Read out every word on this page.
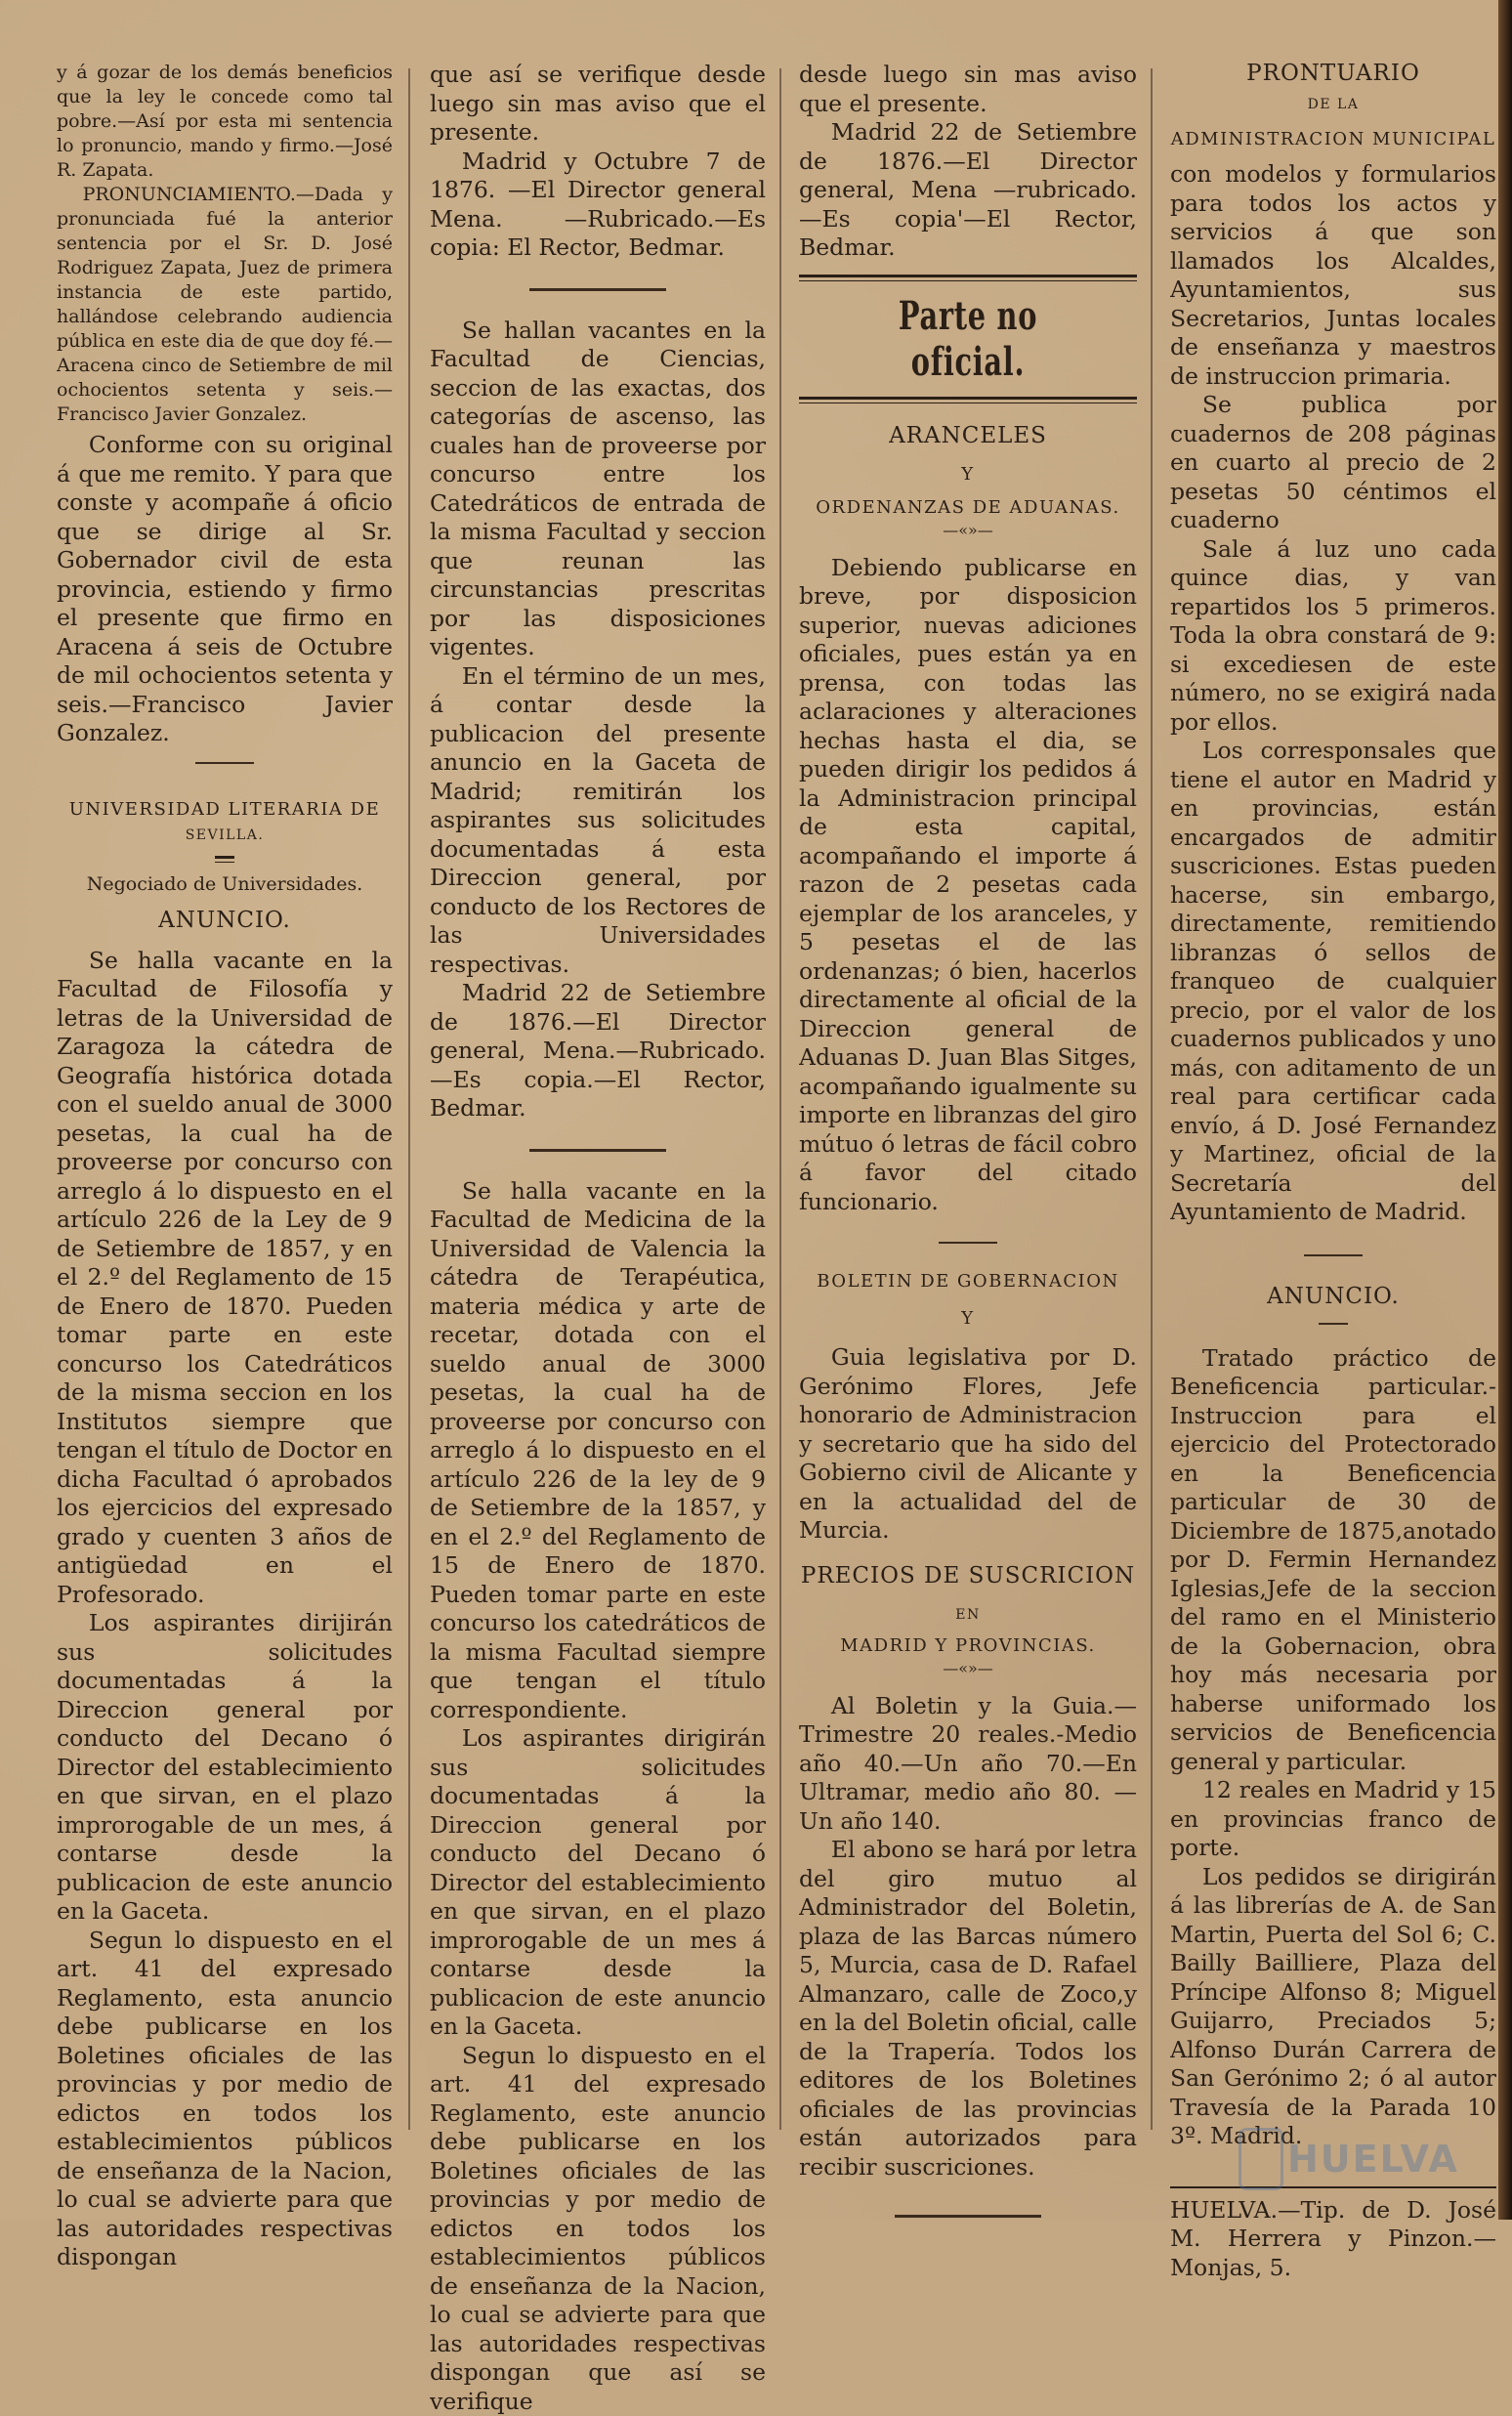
y á gozar de los demás beneficios que la ley le concede como tal pobre.—Así por esta mi sentencia lo pronuncio, mando y firmo.—José R. Zapata.

PRONUNCIAMIENTO.—Dada y pronunciada fué la anterior sentencia por el Sr. D. José Rodriguez Zapata, Juez de primera instancia de este partido, hallándose celebrando audiencia pública en este dia de que doy fé.—Aracena cinco de Setiembre de mil ochocientos setenta y seis.—Francisco Javier Gonzalez.

Conforme con su original á que me remito. Y para que conste y acompañe á oficio que se dirige al Sr. Gobernador civil de esta provincia, estiendo y firmo el presente que firmo en Aracena á seis de Octubre de mil ochocientos setenta y seis.—Francisco Javier Gonzalez.

UNIVERSIDAD LITERARIA DE
SEVILLA.
Negociado de Universidades.
ANUNCIO.

Se halla vacante en la Facultad de Filosofía y letras de la Universidad de Zaragoza la cátedra de Geografía histórica dotada con el sueldo anual de 3000 pesetas, la cual ha de proveerse por concurso con arreglo á lo dispuesto en el artículo 226 de la Ley de 9 de Setiembre de 1857, y en el 2.º del Reglamento de 15 de Enero de 1870. Pueden tomar parte en este concurso los Catedráticos de la misma seccion en los Institutos siempre que tengan el título de Doctor en dicha Facultad ó aprobados los ejercicios del expresado grado y cuenten 3 años de antigüedad en el Profesorado.

Los aspirantes dirijirán sus solicitudes documentadas á la Direccion general por conducto del Decano ó Director del establecimiento en que sirvan, en el plazo improrogable de un mes, á contarse desde la publicacion de este anuncio en la Gaceta.

Segun lo dispuesto en el art. 41 del expresado Reglamento, esta anuncio debe publicarse en los Boletines oficiales de las provincias y por medio de edictos en todos los establecimientos públicos de enseñanza de la Nacion, lo cual se advierte para que las autoridades respectivas dispongan

que así se verifique desde luego sin mas aviso que el presente.

Madrid y Octubre 7 de 1876. —El Director general Mena. —Rubricado.—Es copia: El Rector, Bedmar.

Se hallan vacantes en la Facultad de Ciencias, seccion de las exactas, dos categorías de ascenso, las cuales han de proveerse por concurso entre los Catedráticos de entrada de la misma Facultad y seccion que reunan las circunstancias prescritas por las disposiciones vigentes.

En el término de un mes, á contar desde la publicacion del presente anuncio en la Gaceta de Madrid; remitirán los aspirantes sus solicitudes documentadas á esta Direccion general, por conducto de los Rectores de las Universidades respectivas.

Madrid 22 de Setiembre de 1876.—El Director general, Mena.—Rubricado.—Es copia.—El Rector, Bedmar.

Se halla vacante en la Facultad de Medicina de la Universidad de Valencia la cátedra de Terapéutica, materia médica y arte de recetar, dotada con el sueldo anual de 3000 pesetas, la cual ha de proveerse por concurso con arreglo á lo dispuesto en el artículo 226 de la ley de 9 de Setiembre de la 1857, y en el 2.º del Reglamento de 15 de Enero de 1870. Pueden tomar parte en este concurso los catedráticos de la misma Facultad siempre que tengan el título correspondiente.

Los aspirantes dirigirán sus solicitudes documentadas á la Direccion general por conducto del Decano ó Director del establecimiento en que sirvan, en el plazo improrogable de un mes á contarse desde la publicacion de este anuncio en la Gaceta.

Segun lo dispuesto en el art. 41 del expresado Reglamento, este anuncio debe publicarse en los Boletines oficiales de las provincias y por medio de edictos en todos los establecimientos públicos de enseñanza de la Nacion, lo cual se advierte para que las autoridades respectivas dispongan que así se verifique

desde luego sin mas aviso que el presente.

Madrid 22 de Setiembre de 1876.—El Director general, Mena —rubricado.—Es copia'—El Rector, Bedmar.

Parte no oficial.
ARANCELES
Y
ORDENANZAS DE ADUANAS.
—«»—

Debiendo publicarse en breve, por disposicion superior, nuevas adiciones oficiales, pues están ya en prensa, con todas las aclaraciones y alteraciones hechas hasta el dia, se pueden dirigir los pedidos á la Administracion principal de esta capital, acompañando el importe á razon de 2 pesetas cada ejemplar de los aranceles, y 5 pesetas el de las ordenanzas; ó bien, hacerlos directamente al oficial de la Direccion general de Aduanas D. Juan Blas Sitges, acompañando igualmente su importe en libranzas del giro mútuo ó letras de fácil cobro á favor del citado funcionario.

BOLETIN DE GOBERNACION
Y

Guia legislativa por D. Gerónimo Flores, Jefe honorario de Administracion y secretario que ha sido del Gobierno civil de Alicante y en la actualidad del de Murcia.

PRECIOS DE SUSCRICION
EN
MADRID Y PROVINCIAS.
—«»—

Al Boletin y la Guia.—Trimestre 20 reales.-Medio año 40.—Un año 70.—En Ultramar, medio año 80. —Un año 140.

El abono se hará por letra del giro mutuo al Administrador del Boletin, plaza de las Barcas número 5, Murcia, casa de D. Rafael Almanzaro, calle de Zoco,y en la del Boletin oficial, calle de la Trapería. Todos los editores de los Boletines oficiales de las provincias están autorizados para recibir suscriciones.

PRONTUARIO
DE LA
ADMINISTRACION MUNICIPAL

con modelos y formularios para todos los actos y servicios á que son llamados los Alcaldes, Ayuntamientos, sus Secretarios, Juntas locales de enseñanza y maestros de instruccion primaria.

Se publica por cuadernos de 208 páginas en cuarto al precio de 2 pesetas 50 céntimos el cuaderno

Sale á luz uno cada quince dias, y van repartidos los 5 primeros. Toda la obra constará de 9: si excediesen de este número, no se exigirá nada por ellos.

Los corresponsales que tiene el autor en Madrid y en provincias, están encargados de admitir suscriciones. Estas pueden hacerse, sin embargo, directamente, remitiendo libranzas ó sellos de franqueo de cualquier precio, por el valor de los cuadernos publicados y uno más, con aditamento de un real para certificar cada envío, á D. José Fernandez y Martinez, oficial de la Secretaría del Ayuntamiento de Madrid.

ANUNCIO.

Tratado práctico de Beneficencia particular.-Instruccion para el ejercicio del Protectorado en la Beneficencia particular de 30 de Diciembre de 1875,anotado por D. Fermin Hernandez Iglesias,Jefe de la seccion del ramo en el Ministerio de la Gobernacion, obra hoy más necesaria por haberse uniformado los servicios de Beneficencia general y particular.

12 reales en Madrid y 15 en provincias franco de porte.

Los pedidos se dirigirán á las librerías de A. de San Martin, Puerta del Sol 6; C. Bailly Bailliere, Plaza del Príncipe Alfonso 8; Miguel Guijarro, Preciados 5; Alfonso Durán Carrera de San Gerónimo 2; ó al autor Travesía de la Parada 10 3º. Madrid.

HUELVA.—Tip. de D. José M. Herrera y Pinzon.—Monjas, 5.

HUELVA
